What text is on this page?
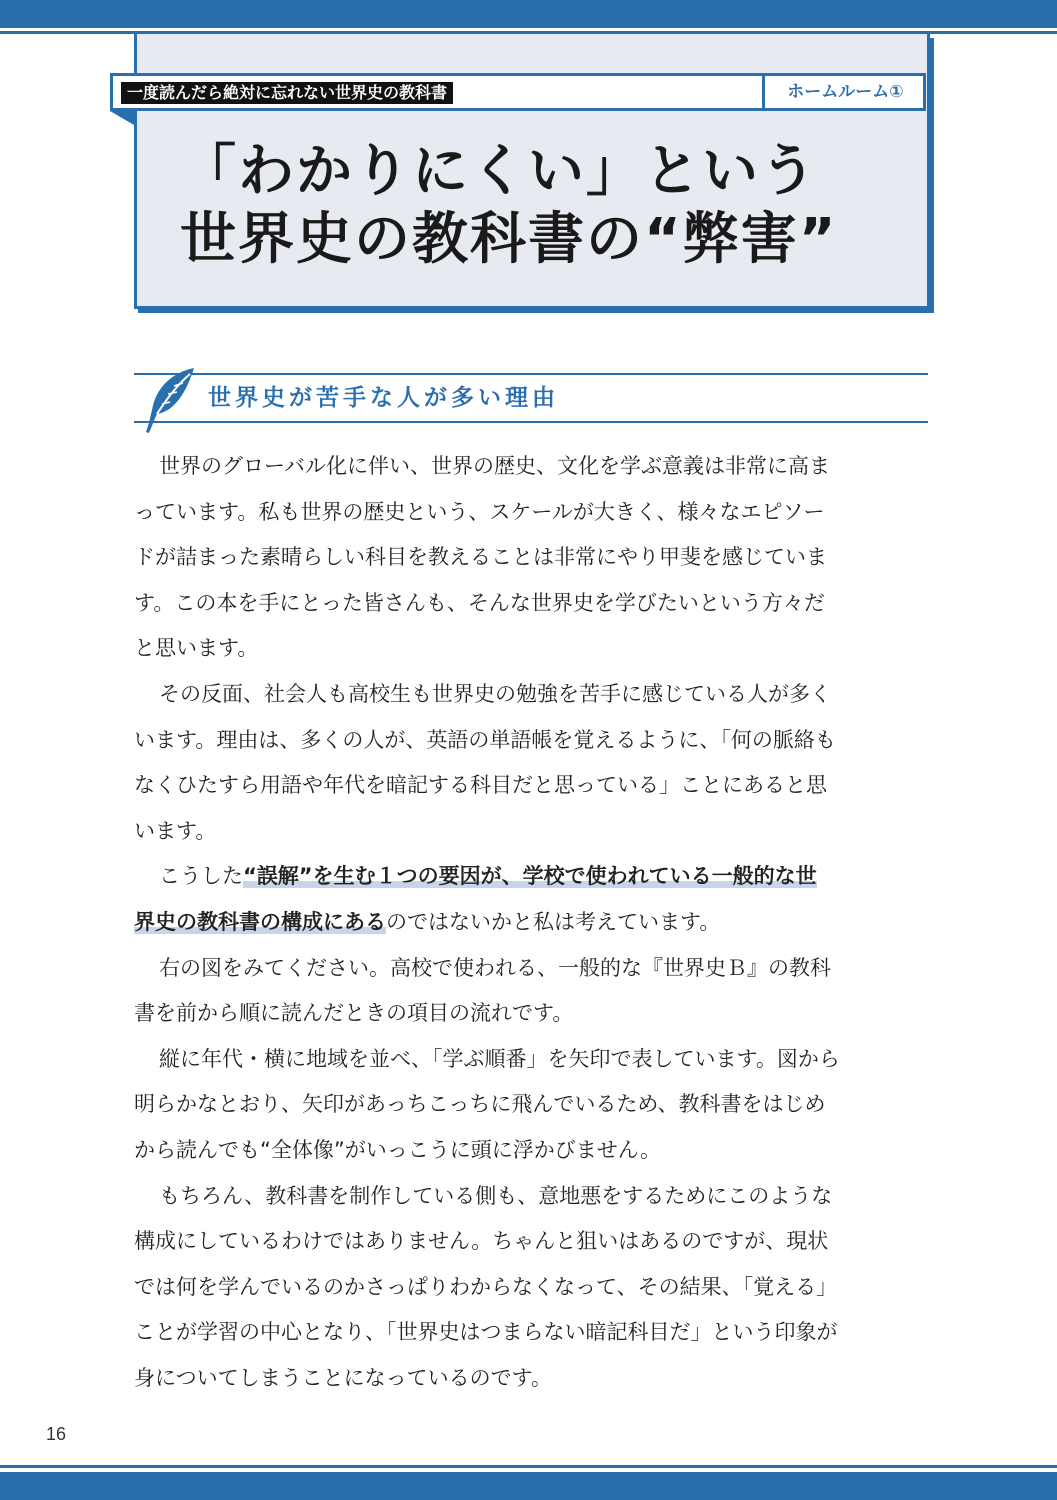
一度読んだら絶対に忘れない世界史の教科書	ホームルーム①
「わかりにくい」という
世界史の教科書の“弊害”
世界史が苦手な人が多い理由

世界のグローバル化に伴い、世界の歴史、文化を学ぶ意義は非常に高ま
っています。私も世界の歴史という、スケールが大きく、様々なエピソー
ドが詰まった素晴らしい科目を教えることは非常にやり甲斐を感じていま
す。この本を手にとった皆さんも、そんな世界史を学びたいという方々だ
と思います。

その反面、社会人も高校生も世界史の勉強を苦手に感じている人が多く
います。理由は、多くの人が、英語の単語帳を覚えるように、「何の脈絡も
なくひたすら用語や年代を暗記する科目だと思っている」ことにあると思
います。

こうした“誤解”を生む１つの要因が、学校で使われている一般的な世
界史の教科書の構成にあるのではないかと私は考えています。

右の図をみてください。高校で使われる、一般的な『世界史Ｂ』の教科
書を前から順に読んだときの項目の流れです。

縦に年代・横に地域を並べ、「学ぶ順番」を矢印で表しています。図から
明らかなとおり、矢印があっちこっちに飛んでいるため、教科書をはじめ
から読んでも“全体像”がいっこうに頭に浮かびません。

もちろん、教科書を制作している側も、意地悪をするためにこのような
構成にしているわけではありません。ちゃんと狙いはあるのですが、現状
では何を学んでいるのかさっぱりわからなくなって、その結果、「覚える」
ことが学習の中心となり、「世界史はつまらない暗記科目だ」という印象が
身についてしまうことになっているのです。

16
